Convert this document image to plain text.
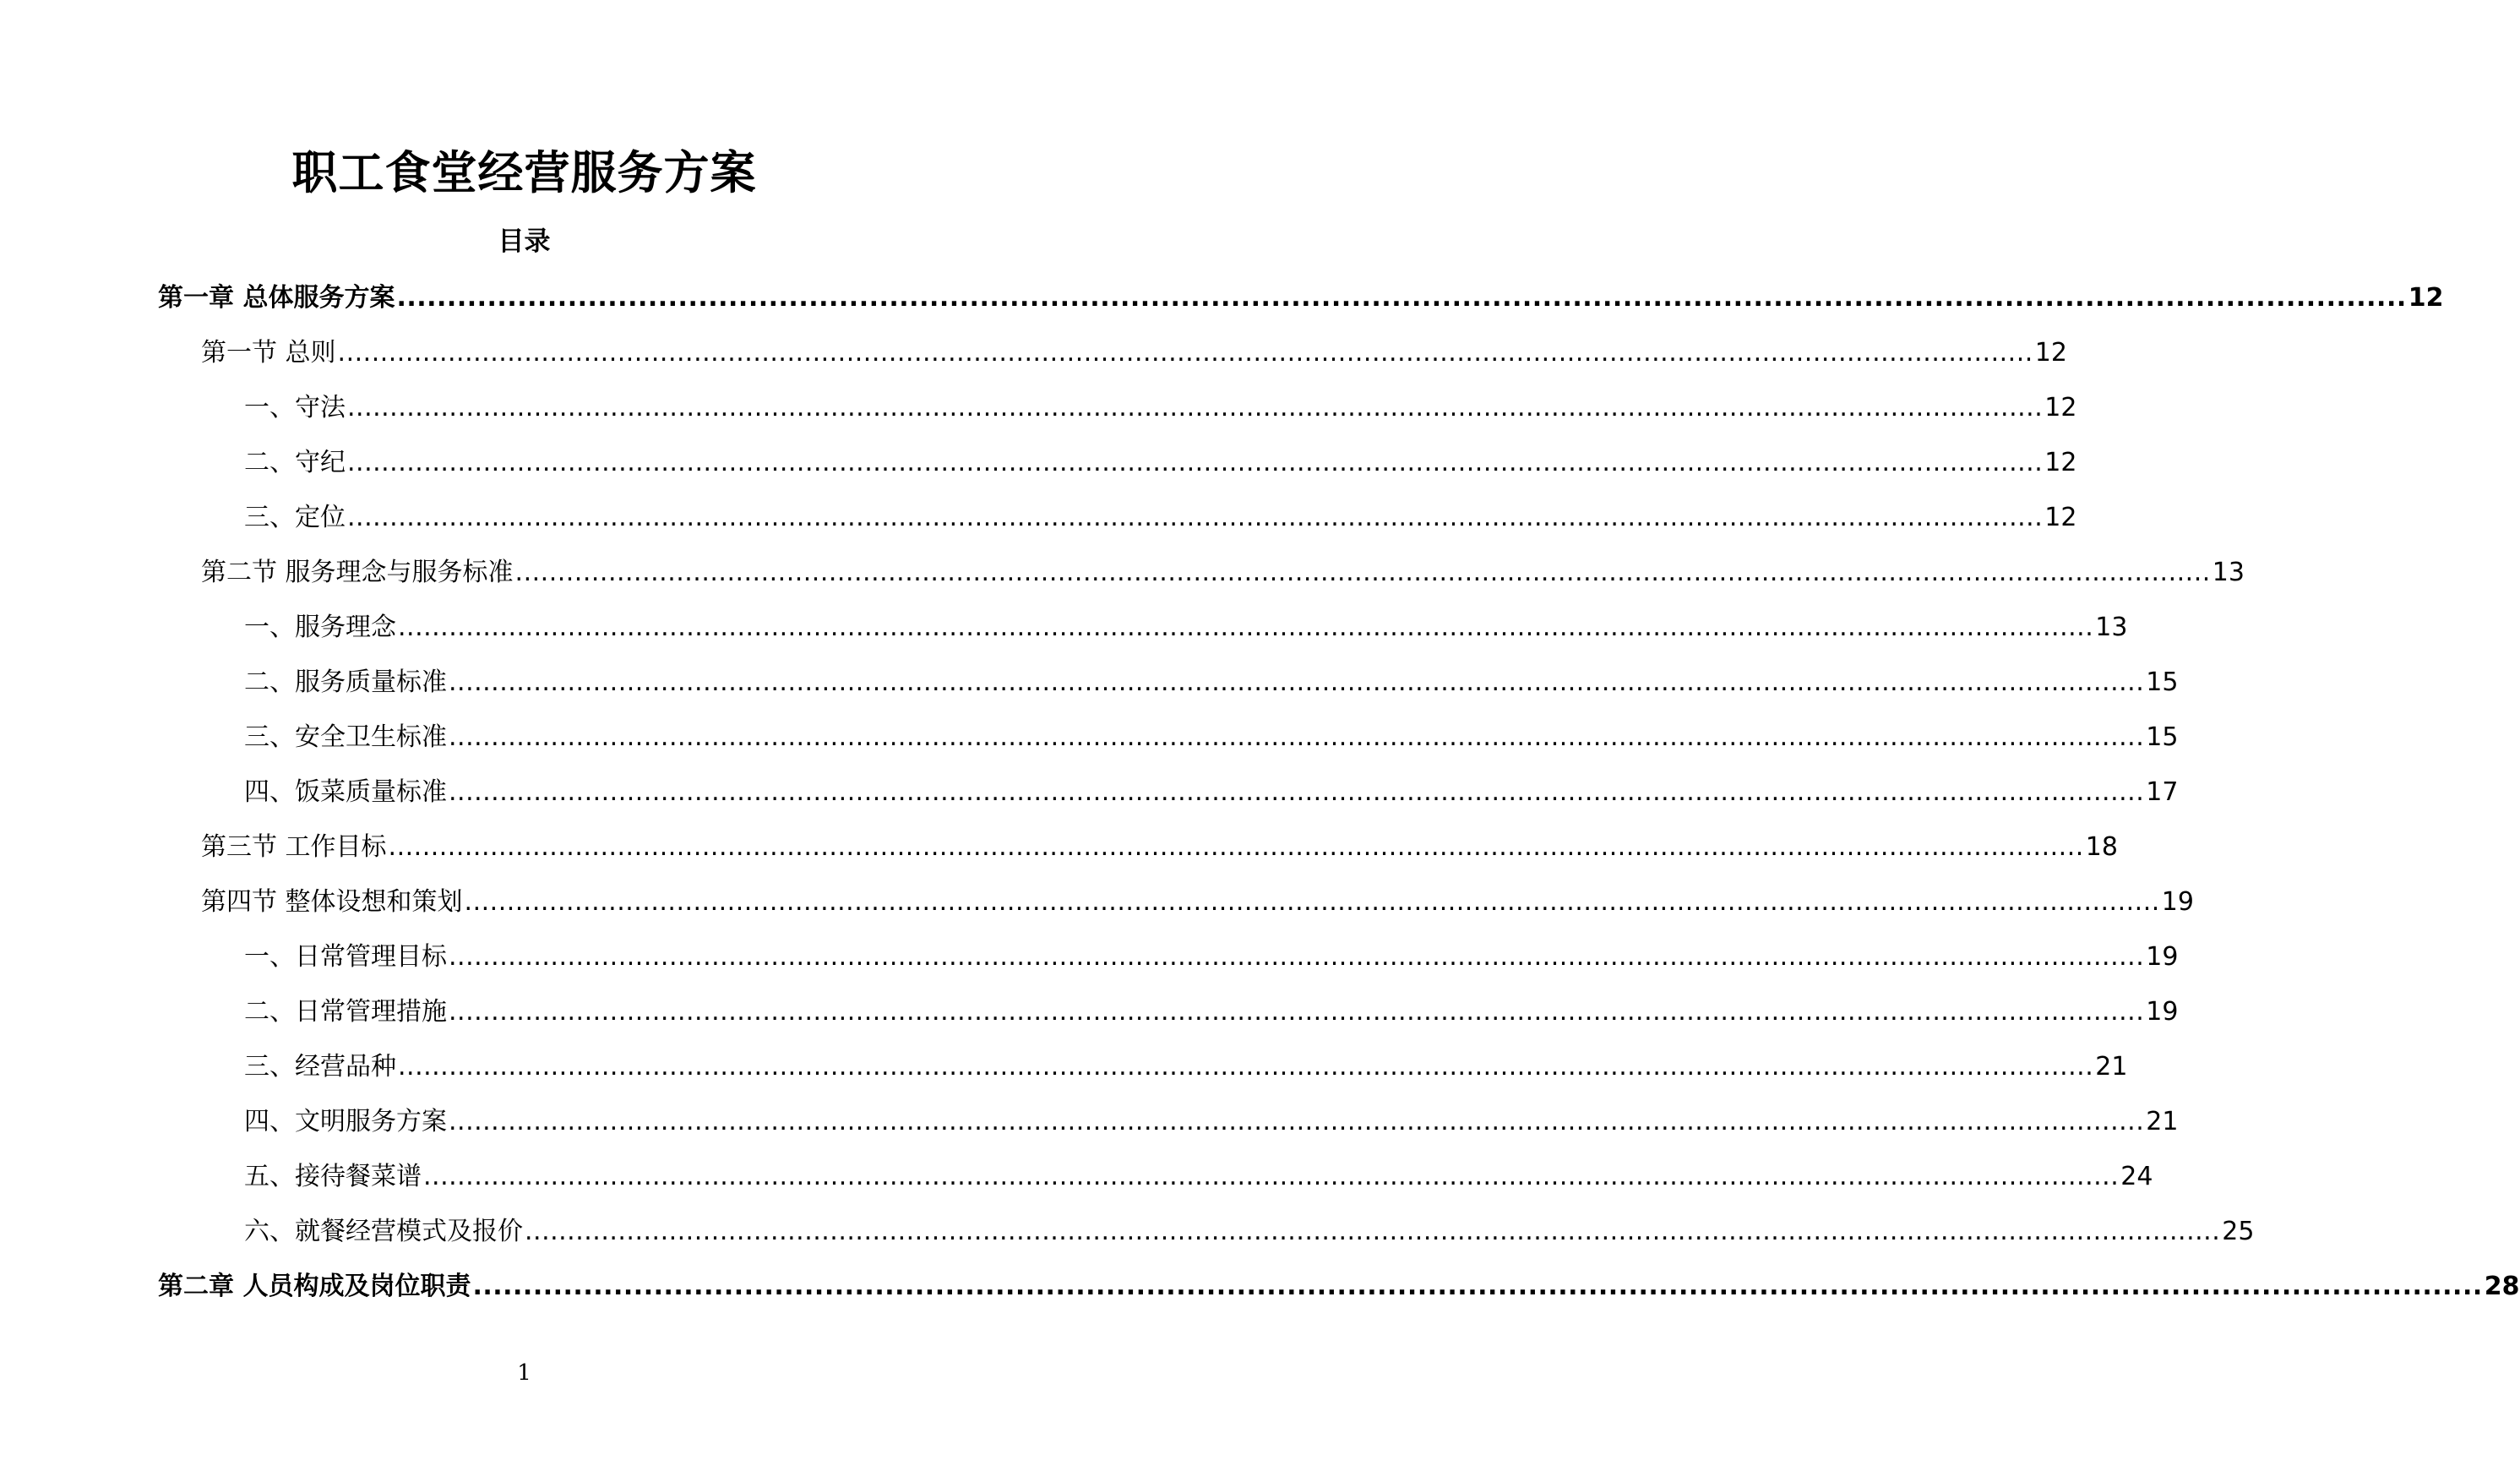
职工食堂经营服务方案
目录
第一章 总体服务方案 ........................................................................................................................................................................................................ 12
第一节 总则 ........................................................................................................................................................................................................ 12
一、守法 ........................................................................................................................................................................................................ 12
二、守纪 ........................................................................................................................................................................................................ 12
三、定位 ........................................................................................................................................................................................................ 12
第二节 服务理念与服务标准 ........................................................................................................................................................................................................ 13
一、服务理念 ........................................................................................................................................................................................................ 13
二、服务质量标准 ........................................................................................................................................................................................................ 15
三、安全卫生标准 ........................................................................................................................................................................................................ 15
四、饭菜质量标准 ........................................................................................................................................................................................................ 17
第三节 工作目标 ........................................................................................................................................................................................................ 18
第四节 整体设想和策划 ........................................................................................................................................................................................................ 19
一、日常管理目标 ........................................................................................................................................................................................................ 19
二、日常管理措施 ........................................................................................................................................................................................................ 19
三、经营品种 ........................................................................................................................................................................................................ 21
四、文明服务方案 ........................................................................................................................................................................................................ 21
五、接待餐菜谱 ........................................................................................................................................................................................................ 24
六、就餐经营模式及报价 ........................................................................................................................................................................................................ 25
第二章 人员构成及岗位职责 ........................................................................................................................................................................................................ 28
1
